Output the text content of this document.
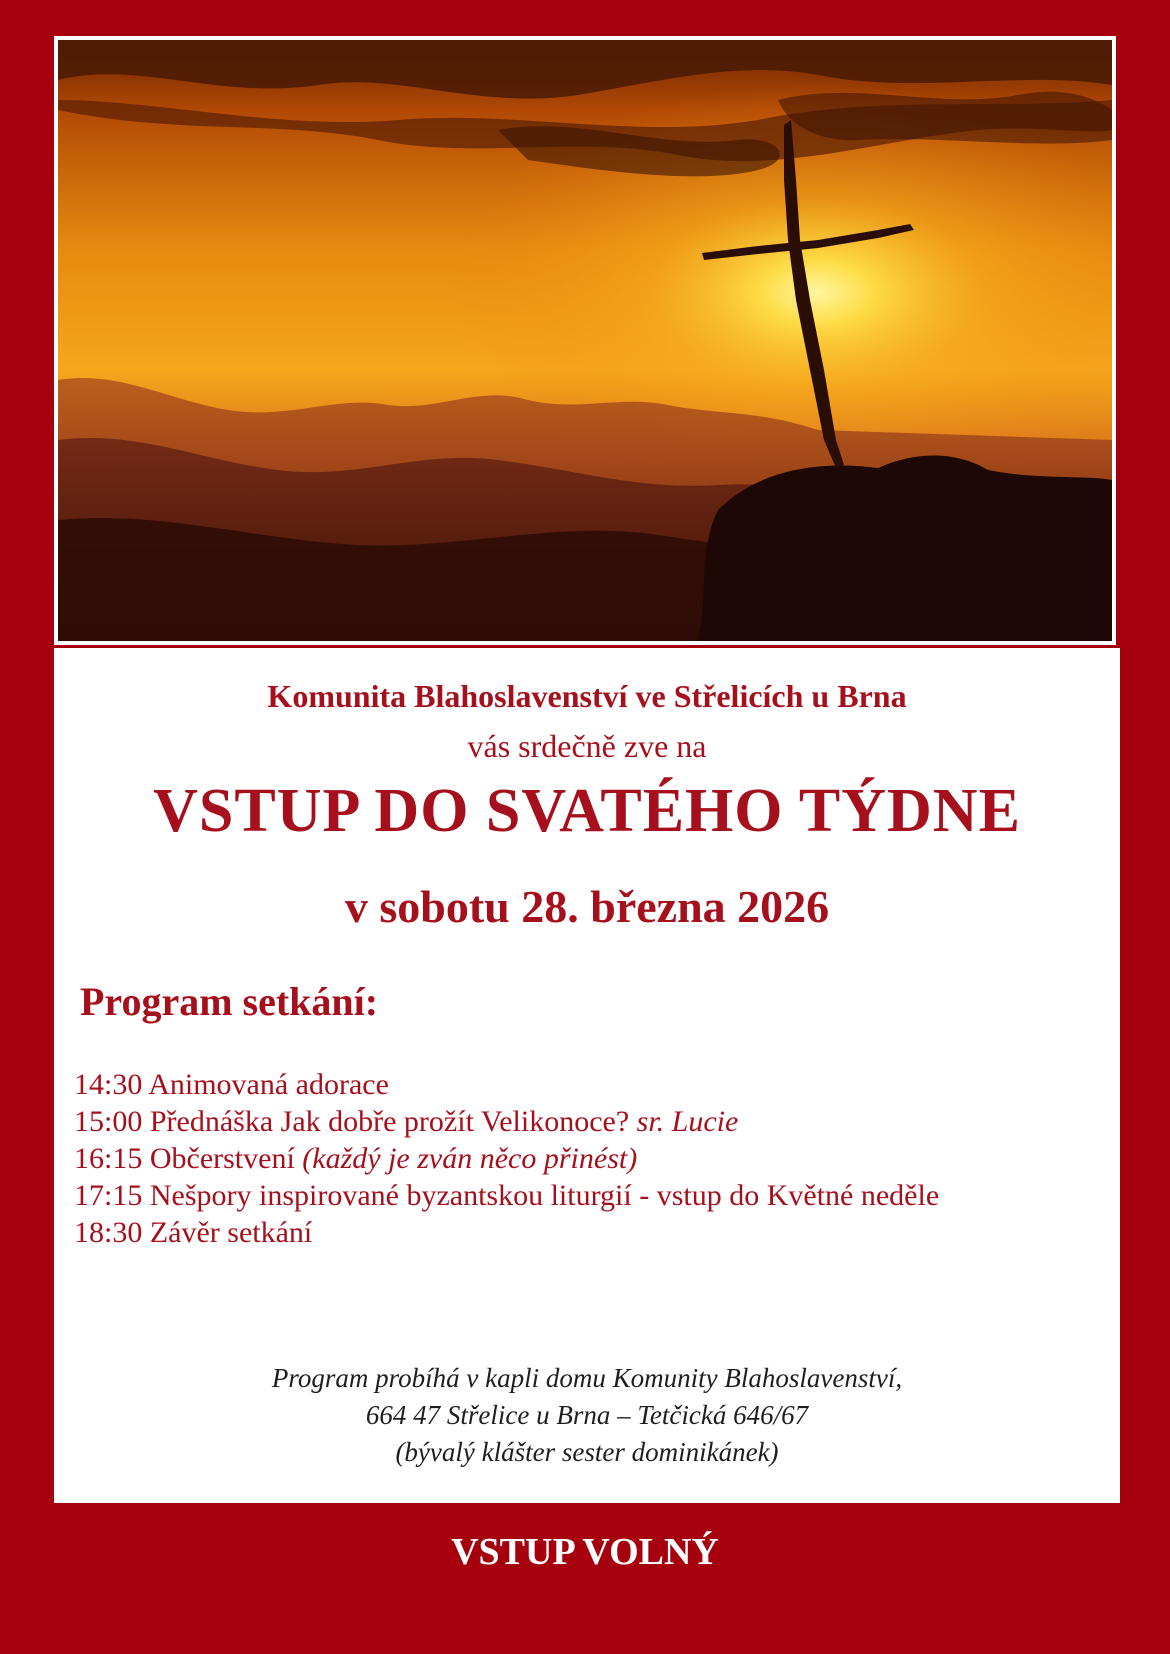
Komunita Blahoslavenství ve Střelicích u Brna
vás srdečně zve na
VSTUP DO SVATÉHO TÝDNE
v sobotu 28. března 2026
Program setkání:
14:30 Animovaná adorace
15:00 Přednáška Jak dobře prožít Velikonoce? sr. Lucie
16:15 Občerstvení (každý je zván něco přinést)
17:15 Nešpory inspirované byzantskou liturgií - vstup do Květné neděle
18:30 Závěr setkání
Program probíhá v kapli domu Komunity Blahoslavenství,
664 47 Střelice u Brna – Tetčická 646/67
(bývalý klášter sester dominikánek)
VSTUP VOLNÝ
